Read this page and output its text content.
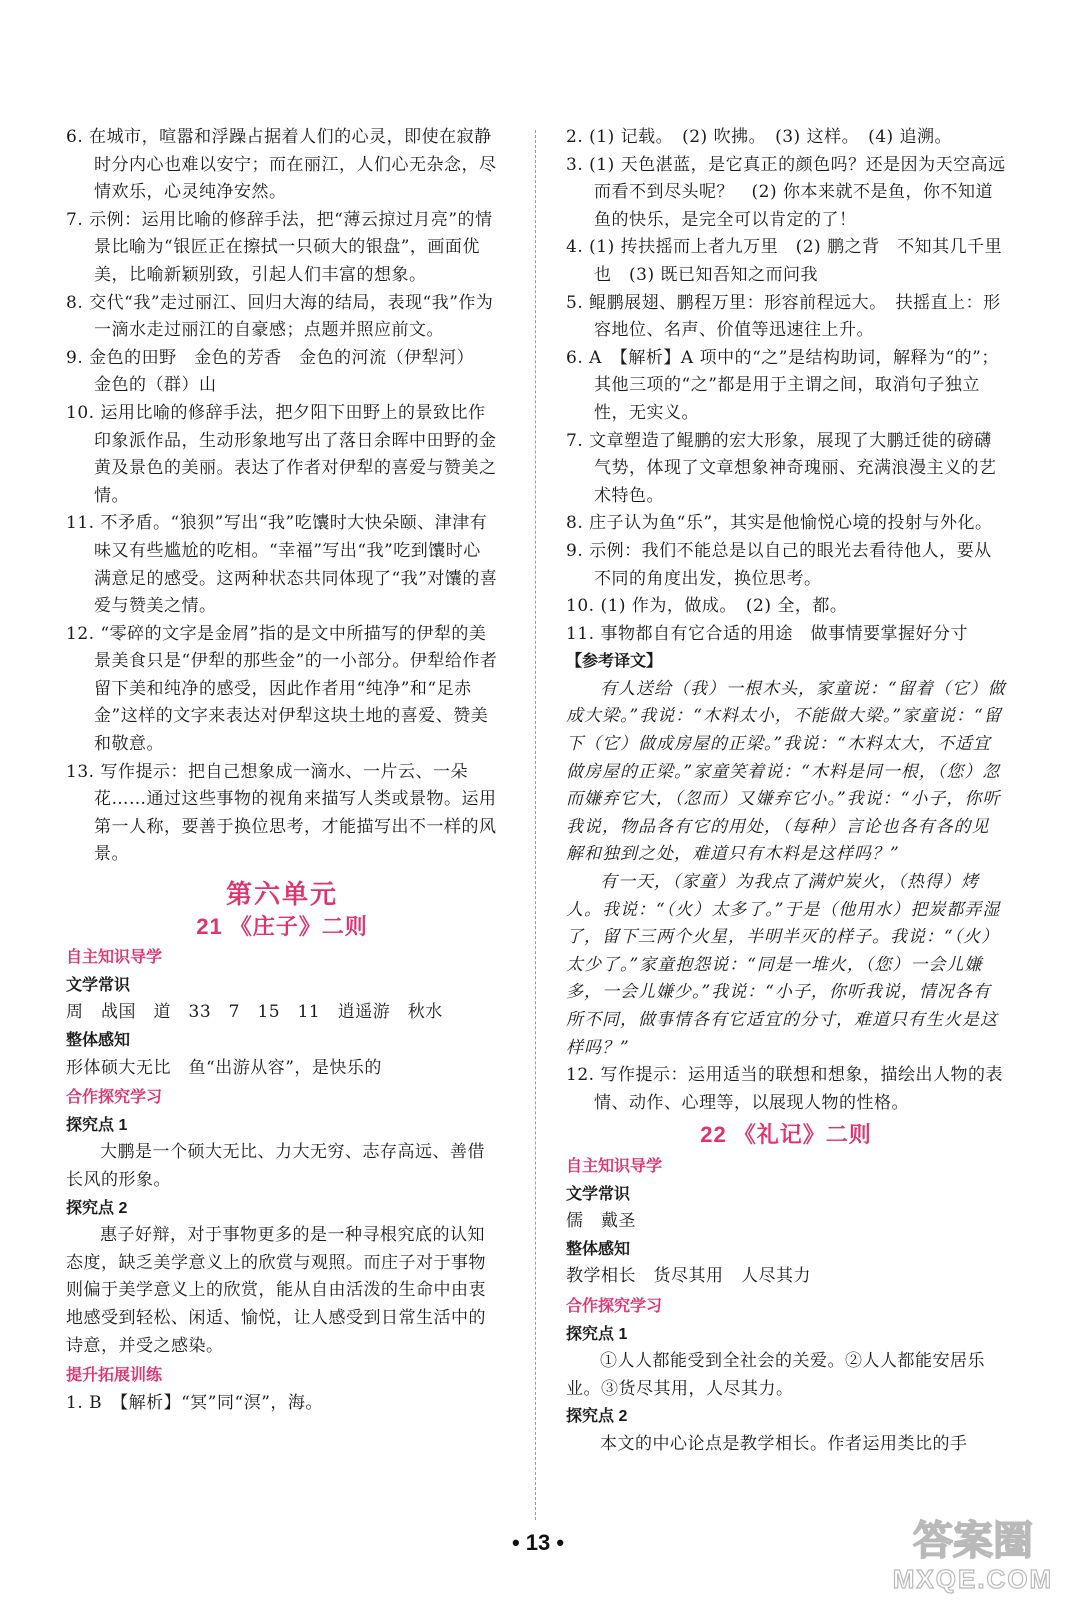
6. 在城市，喧嚣和浮躁占据着人们的心灵，即使在寂静时分内心也难以安宁；而在丽江，人们心无杂念，尽情欢乐，心灵纯净安然。

7. 示例：运用比喻的修辞手法，把“薄云掠过月亮”的情景比喻为“银匠正在擦拭一只硕大的银盘”，画面优美，比喻新颖别致，引起人们丰富的想象。

8. 交代“我”走过丽江、回归大海的结局，表现“我”作为一滴水走过丽江的自豪感；点题并照应前文。

9. 金色的田野　金色的芳香　金色的河流（伊犁河）　金色的（群）山

10. 运用比喻的修辞手法，把夕阳下田野上的景致比作印象派作品，生动形象地写出了落日余晖中田野的金黄及景色的美丽。表达了作者对伊犁的喜爱与赞美之情。

11. 不矛盾。“狼狈”写出“我”吃馕时大快朵颐、津津有味又有些尴尬的吃相。“幸福”写出“我”吃到馕时心满意足的感受。这两种状态共同体现了“我”对馕的喜爱与赞美之情。

12. “零碎的文字是金屑”指的是文中所描写的伊犁的美景美食只是“伊犁的那些金”的一小部分。伊犁给作者留下美和纯净的感受，因此作者用“纯净”和“足赤金”这样的文字来表达对伊犁这块土地的喜爱、赞美和敬意。

13. 写作提示：把自己想象成一滴水、一片云、一朵花……通过这些事物的视角来描写人类或景物。运用第一人称，要善于换位思考，才能描写出不一样的风景。

第六单元
21 《庄子》二则

自主知识导学

文学常识

周　战国　道　33　7　15　11　逍遥游　秋水

整体感知

形体硕大无比　鱼“出游从容”，是快乐的

合作探究学习

探究点 1

大鹏是一个硕大无比、力大无穷、志存高远、善借长风的形象。

探究点 2

惠子好辩，对于事物更多的是一种寻根究底的认知态度，缺乏美学意义上的欣赏与观照。而庄子对于事物则偏于美学意义上的欣赏，能从自由活泼的生命中由衷地感受到轻松、闲适、愉悦，让人感受到日常生活中的诗意，并受之感染。

提升拓展训练

1. B　【解析】“冥”同“溟”，海。

2. (1) 记载。　(2) 吹拂。　(3) 这样。　(4) 追溯。

3. (1) 天色湛蓝，是它真正的颜色吗？还是因为天空高远而看不到尽头呢？　(2) 你本来就不是鱼，你不知道鱼的快乐，是完全可以肯定的了！

4. (1) 抟扶摇而上者九万里　(2) 鹏之背　不知其几千里也　(3) 既已知吾知之而问我

5. 鲲鹏展翅、鹏程万里：形容前程远大。　扶摇直上：形容地位、名声、价值等迅速往上升。

6. A　【解析】A 项中的“之”是结构助词，解释为“的”；其他三项的“之”都是用于主谓之间，取消句子独立性，无实义。

7. 文章塑造了鲲鹏的宏大形象，展现了大鹏迁徙的磅礴气势，体现了文章想象神奇瑰丽、充满浪漫主义的艺术特色。

8. 庄子认为鱼“乐”，其实是他愉悦心境的投射与外化。

9. 示例：我们不能总是以自己的眼光去看待他人，要从不同的角度出发，换位思考。

10. (1) 作为，做成。　(2) 全，都。

11. 事物都自有它合适的用途　做事情要掌握好分寸

【参考译文】

有人送给（我）一根木头，家童说：“留着（它）做成大梁。”我说：“木料太小，不能做大梁。”家童说：“留下（它）做成房屋的正梁。”我说：“木料太大，不适宜做房屋的正梁。”家童笑着说：“木料是同一根，（您）忽而嫌弃它大，（忽而）又嫌弃它小。”我说：“小子，你听我说，物品各有它的用处，（每种）言论也各有各的见解和独到之处，难道只有木料是这样吗？”

有一天，（家童）为我点了满炉炭火，（热得）烤人。我说：“（火）太多了。”于是（他用水）把炭都弄湿了，留下三两个火星，半明半灭的样子。我说：“（火）太少了。”家童抱怨说：“同是一堆火，（您）一会儿嫌多，一会儿嫌少。”我说：“小子，你听我说，情况各有所不同，做事情各有它适宜的分寸，难道只有生火是这样吗？”

12. 写作提示：运用适当的联想和想象，描绘出人物的表情、动作、心理等，以展现人物的性格。

22 《礼记》二则

自主知识导学

文学常识

儒　戴圣

整体感知

教学相长　货尽其用　人尽其力

合作探究学习

探究点 1

①人人都能受到全社会的关爱。②人人都能安居乐业。③货尽其用，人尽其力。

探究点 2

本文的中心论点是教学相长。作者运用类比的手

• 13 •	答案圈
MXQE.COM
